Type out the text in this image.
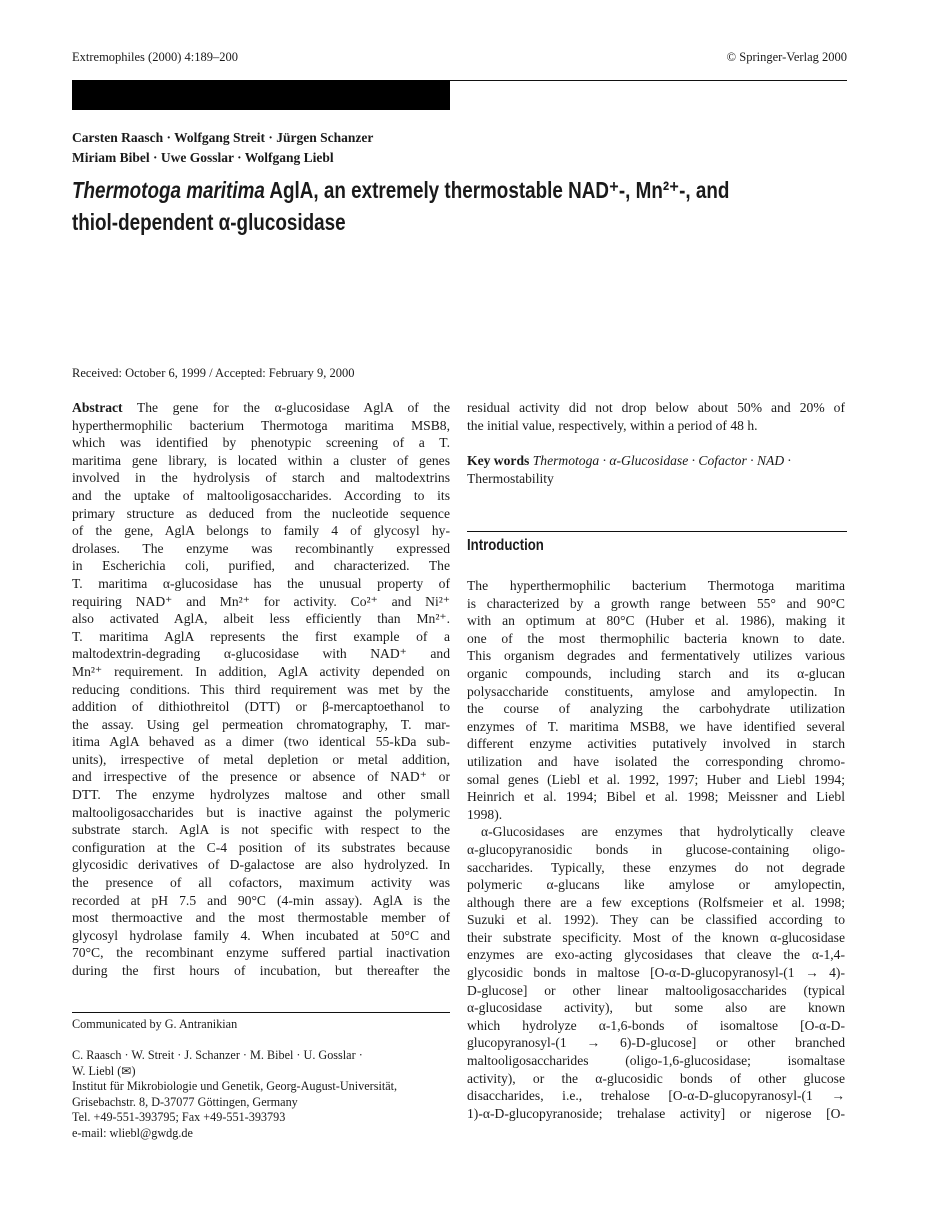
Extremophiles (2000) 4:189–200	© Springer-Verlag 2000
Carsten Raasch · Wolfgang Streit · Jürgen Schanzer
Miriam Bibel · Uwe Gosslar · Wolfgang Liebl
Thermotoga maritima AglA, an extremely thermostable NAD⁺-, Mn²⁺-, and
thiol-dependent α-glucosidase
Received: October 6, 1999 / Accepted: February 9, 2000
Abstract The gene for the α-glucosidase AglA of the
hyperthermophilic bacterium Thermotoga maritima MSB8,
which was identified by phenotypic screening of a T.
maritima gene library, is located within a cluster of genes
involved in the hydrolysis of starch and maltodextrins
and the uptake of maltooligosaccharides. According to its
primary structure as deduced from the nucleotide sequence
of the gene, AglA belongs to family 4 of glycosyl hy-
drolases. The enzyme was recombinantly expressed
in Escherichia coli, purified, and characterized. The
T. maritima α-glucosidase has the unusual property of
requiring NAD⁺ and Mn²⁺ for activity. Co²⁺ and Ni²⁺
also activated AglA, albeit less efficiently than Mn²⁺.
T. maritima AglA represents the first example of a
maltodextrin-degrading α-glucosidase with NAD⁺ and
Mn²⁺ requirement. In addition, AglA activity depended on
reducing conditions. This third requirement was met by the
addition of dithiothreitol (DTT) or β-mercaptoethanol to
the assay. Using gel permeation chromatography, T. mar-
itima AglA behaved as a dimer (two identical 55-kDa sub-
units), irrespective of metal depletion or metal addition,
and irrespective of the presence or absence of NAD⁺ or
DTT. The enzyme hydrolyzes maltose and other small
maltooligosaccharides but is inactive against the polymeric
substrate starch. AglA is not specific with respect to the
configuration at the C-4 position of its substrates because
glycosidic derivatives of D-galactose are also hydrolyzed. In
the presence of all cofactors, maximum activity was
recorded at pH 7.5 and 90°C (4-min assay). AglA is the
most thermoactive and the most thermostable member of
glycosyl hydrolase family 4. When incubated at 50°C and
70°C, the recombinant enzyme suffered partial inactivation
during the first hours of incubation, but thereafter the
residual activity did not drop below about 50% and 20% of
the initial value, respectively, within a period of 48 h.
Key words Thermotoga · α-Glucosidase · Cofactor · NAD ·
Thermostability
Introduction
The hyperthermophilic bacterium Thermotoga maritima
is characterized by a growth range between 55° and 90°C
with an optimum at 80°C (Huber et al. 1986), making it
one of the most thermophilic bacteria known to date.
This organism degrades and fermentatively utilizes various
organic compounds, including starch and its α-glucan
polysaccharide constituents, amylose and amylopectin. In
the course of analyzing the carbohydrate utilization
enzymes of T. maritima MSB8, we have identified several
different enzyme activities putatively involved in starch
utilization and have isolated the corresponding chromo-
somal genes (Liebl et al. 1992, 1997; Huber and Liebl 1994;
Heinrich et al. 1994; Bibel et al. 1998; Meissner and Liebl
1998).
α-Glucosidases are enzymes that hydrolytically cleave
α-glucopyranosidic bonds in glucose-containing oligo-
saccharides. Typically, these enzymes do not degrade
polymeric α-glucans like amylose or amylopectin,
although there are a few exceptions (Rolfsmeier et al. 1998;
Suzuki et al. 1992). They can be classified according to
their substrate specificity. Most of the known α-glucosidase
enzymes are exo-acting glycosidases that cleave the α-1,4-
glycosidic bonds in maltose [O-α-D-glucopyranosyl-(1 → 4)-
D-glucose] or other linear maltooligosaccharides (typical
α-glucosidase activity), but some also are known
which hydrolyze α-1,6-bonds of isomaltose [O-α-D-
glucopyranosyl-(1 → 6)-D-glucose] or other branched
maltooligosaccharides (oligo-1,6-glucosidase; isomaltase
activity), or the α-glucosidic bonds of other glucose
disaccharides, i.e., trehalose [O-α-D-glucopyranosyl-(1 →
1)-α-D-glucopyranoside; trehalase activity] or nigerose [O-
Communicated by G. Antranikian
C. Raasch · W. Streit · J. Schanzer · M. Bibel · U. Gosslar ·
W. Liebl (✉)
Institut für Mikrobiologie und Genetik, Georg-August-Universität,
Grisebachstr. 8, D-37077 Göttingen, Germany
Tel. +49-551-393795; Fax +49-551-393793
e-mail: wliebl@gwdg.de
